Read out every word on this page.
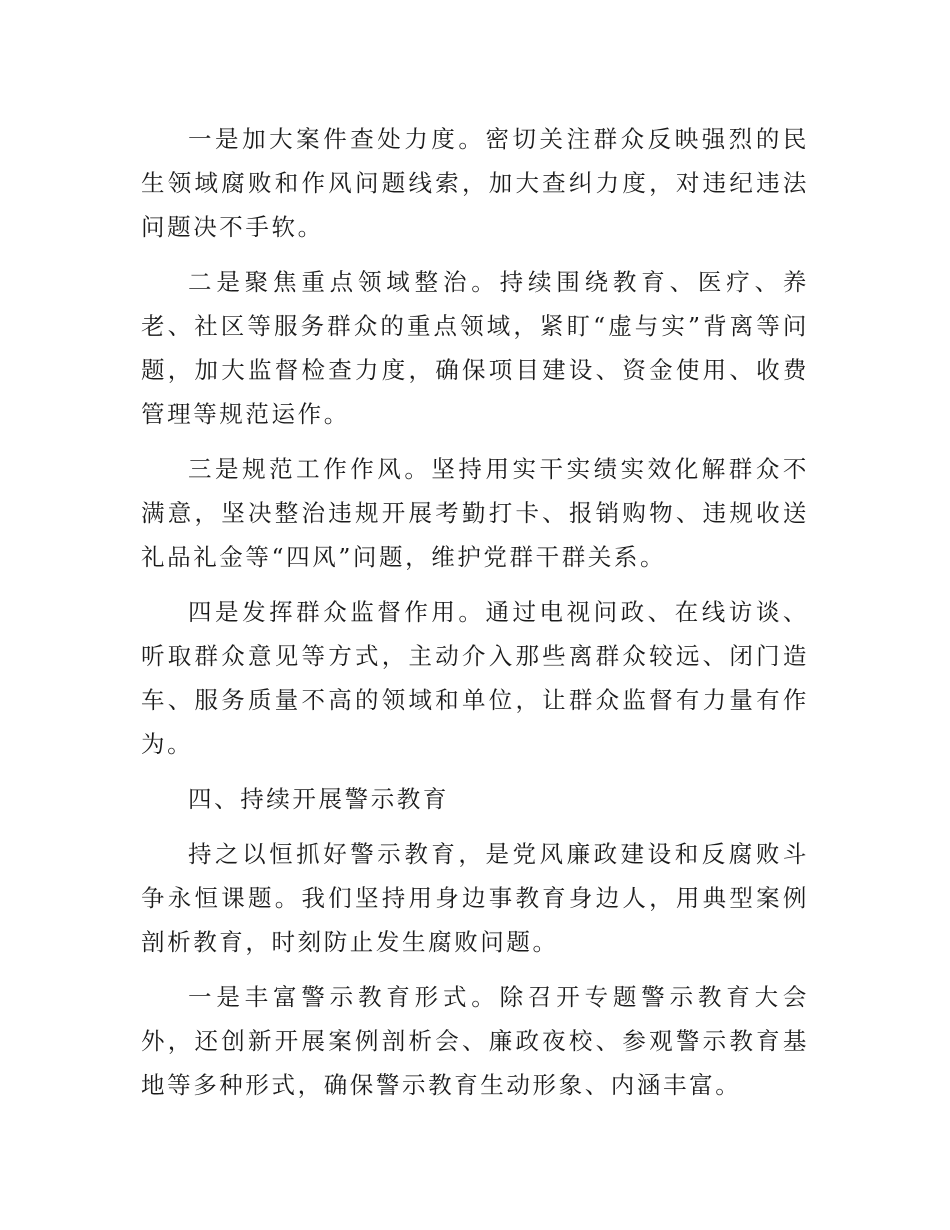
一是加大案件查处力度。密切关注群众反映强烈的民生领域腐败和作风问题线索，加大查纠力度，对违纪违法问题决不手软。

二是聚焦重点领域整治。持续围绕教育、医疗、养老、社区等服务群众的重点领域，紧盯“虚与实”背离等问题，加大监督检查力度，确保项目建设、资金使用、收费管理等规范运作。

三是规范工作作风。坚持用实干实绩实效化解群众不满意，坚决整治违规开展考勤打卡、报销购物、违规收送礼品礼金等“四风”问题，维护党群干群关系。

四是发挥群众监督作用。通过电视问政、在线访谈、听取群众意见等方式，主动介入那些离群众较远、闭门造车、服务质量不高的领域和单位，让群众监督有力量有作为。

四、持续开展警示教育

持之以恒抓好警示教育，是党风廉政建设和反腐败斗争永恒课题。我们坚持用身边事教育身边人，用典型案例剖析教育，时刻防止发生腐败问题。

一是丰富警示教育形式。除召开专题警示教育大会外，还创新开展案例剖析会、廉政夜校、参观警示教育基地等多种形式，确保警示教育生动形象、内涵丰富。
